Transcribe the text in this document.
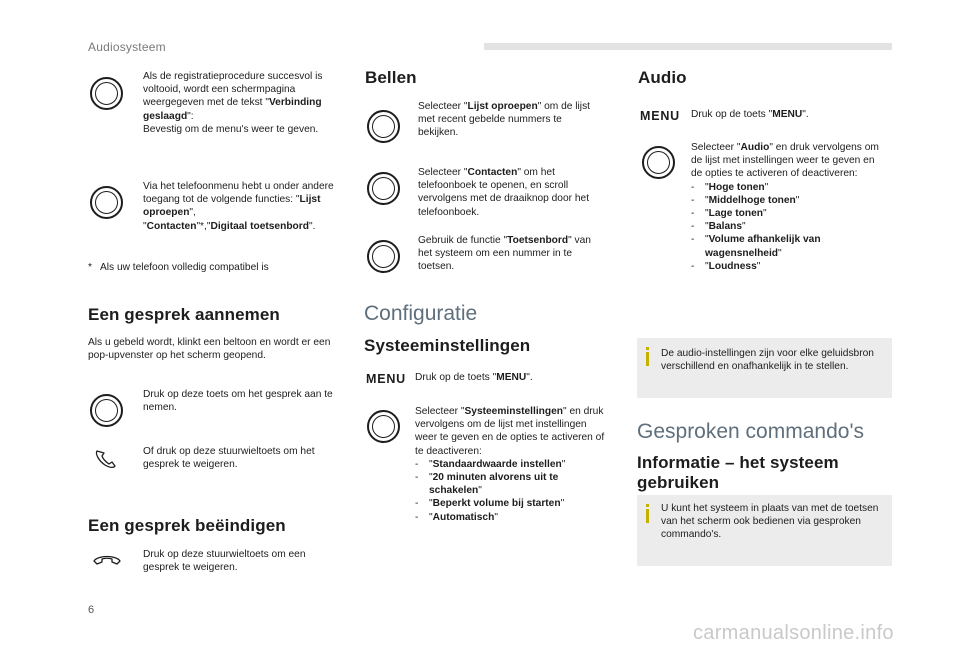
Audiosysteem
Als de registratieprocedure succesvol is voltooid, wordt een schermpagina weergegeven met de tekst "Verbinding geslaagd":
Bevestig om de menu's weer te geven.
Via het telefoonmenu hebt u onder andere toegang tot de volgende functies: "Lijst oproepen",
"Contacten"*,"Digitaal toetsenbord".
* Als uw telefoon volledig compatibel is
Een gesprek aannemen
Als u gebeld wordt, klinkt een beltoon en wordt er een pop-upvenster op het scherm geopend.
Druk op deze toets om het gesprek aan te nemen.
Of druk op deze stuurwieltoets om het gesprek te weigeren.
Een gesprek beëindigen
Druk op deze stuurwieltoets om een gesprek te weigeren.
Bellen
Selecteer "Lijst oproepen" om de lijst met recent gebelde nummers te bekijken.
Selecteer "Contacten" om het telefoonboek te openen, en scroll vervolgens met de draaiknop door het telefoonboek.
Gebruik de functie "Toetsenbord" van het systeem om een nummer in te toetsen.
Configuratie
Systeeminstellingen
MENU Druk op de toets "MENU".
Selecteer "Systeeminstellingen" en druk vervolgens om de lijst met instellingen weer te geven en de opties te activeren of te deactiveren:
- "Standaardwaarde instellen"
- "20 minuten alvorens uit te schakelen"
- "Beperkt volume bij starten"
- "Automatisch"
Audio
MENU Druk op de toets "MENU".
Selecteer "Audio" en druk vervolgens om de lijst met instellingen weer te geven en de opties te activeren of deactiveren:
- "Hoge tonen"
- "Middelhoge tonen"
- "Lage tonen"
- "Balans"
- "Volume afhankelijk van wagensnelheid"
- "Loudness"
De audio-instellingen zijn voor elke geluidsbron verschillend en onafhankelijk in te stellen.
Gesproken commando's
Informatie – het systeem gebruiken
U kunt het systeem in plaats van met de toetsen van het scherm ook bedienen via gesproken commando's.
6
carmanualsonline.info
